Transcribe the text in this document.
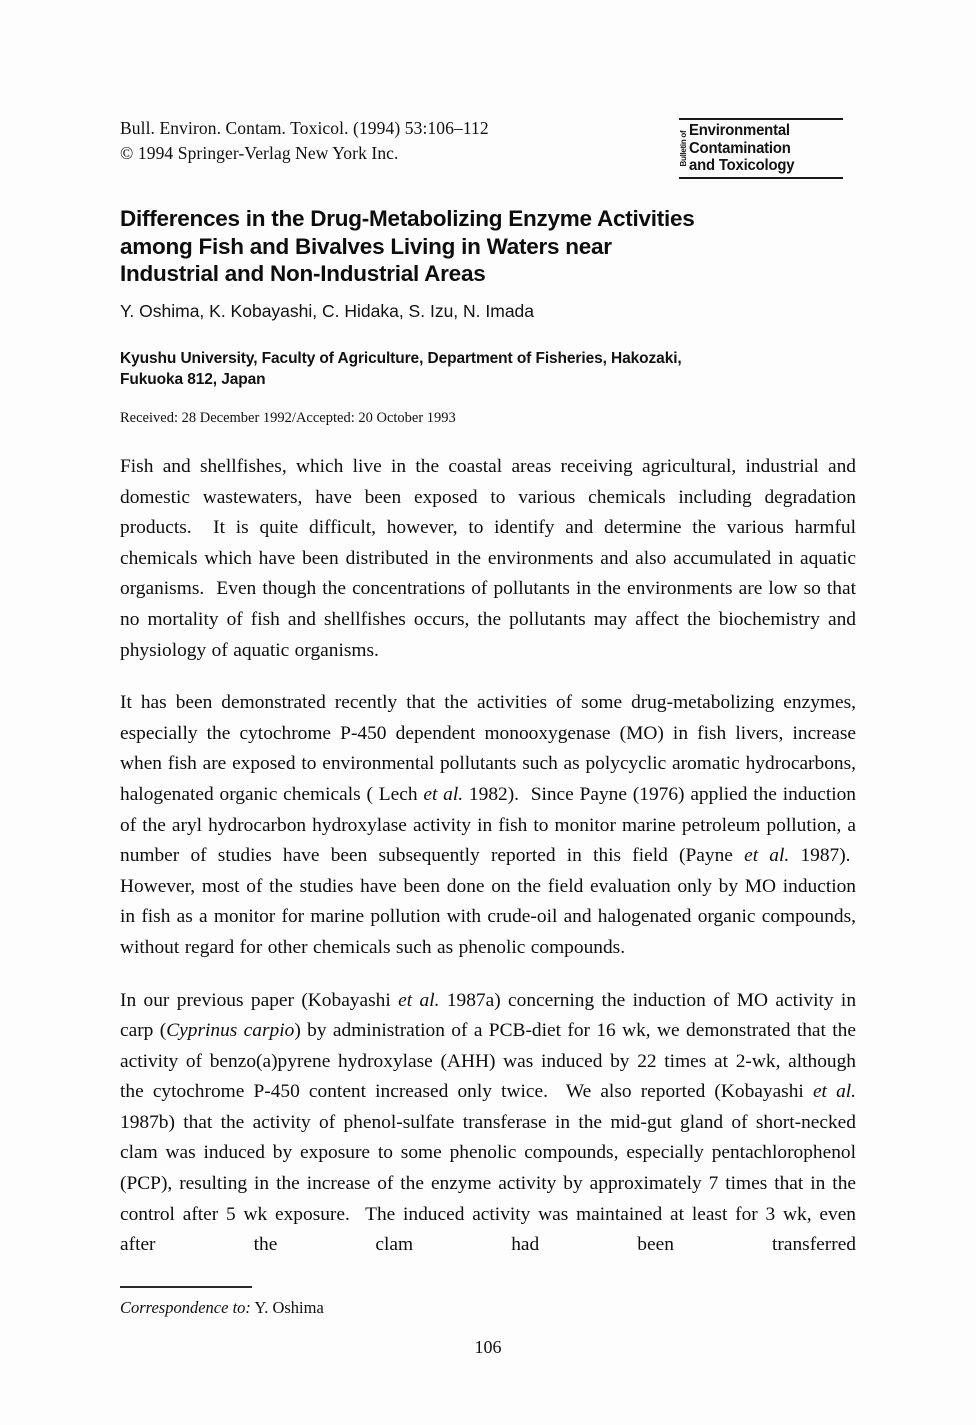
Bull. Environ. Contam. Toxicol. (1994) 53:106–112
© 1994 Springer-Verlag New York Inc.	Bulletin of Environmental
Contamination
and Toxicology
Differences in the Drug-Metabolizing Enzyme Activities
among Fish and Bivalves Living in Waters near
Industrial and Non-Industrial Areas
Y. Oshima, K. Kobayashi, C. Hidaka, S. Izu, N. Imada
Kyushu University, Faculty of Agriculture, Department of Fisheries, Hakozaki,
Fukuoka 812, Japan
Received: 28 December 1992/Accepted: 20 October 1993

Fish and shellfishes, which live in the coastal areas receiving agricultural, industrial and domestic wastewaters, have been exposed to various chemicals including degradation products. It is quite difficult, however, to identify and determine the various harmful chemicals which have been distributed in the environments and also accumulated in aquatic organisms. Even though the concentrations of pollutants in the environments are low so that no mortality of fish and shellfishes occurs, the pollutants may affect the biochemistry and physiology of aquatic organisms.

It has been demonstrated recently that the activities of some drug-metabolizing enzymes, especially the cytochrome P-450 dependent monooxygenase (MO) in fish livers, increase when fish are exposed to environmental pollutants such as polycyclic aromatic hydrocarbons, halogenated organic chemicals ( Lech et al. 1982). Since Payne (1976) applied the induction of the aryl hydrocarbon hydroxylase activity in fish to monitor marine petroleum pollution, a number of studies have been subsequently reported in this field (Payne et al. 1987).  However, most of the studies have been done on the field evaluation only by MO induction in fish as a monitor for marine pollution with crude-oil and halogenated organic compounds, without regard for other chemicals such as phenolic compounds.

In our previous paper (Kobayashi et al. 1987a) concerning the induction of MO activity in carp (Cyprinus carpio) by administration of a PCB-diet for 16 wk, we demonstrated that the activity of benzo(a)pyrene hydroxylase (AHH) was induced by 22 times at 2-wk, although the cytochrome P-450 content increased only twice. We also reported (Kobayashi et al. 1987b) that the activity of phenol-sulfate transferase in the mid-gut gland of short-necked clam was induced by exposure to some phenolic compounds, especially pentachlorophenol (PCP), resulting in the increase of the enzyme activity by approximately 7 times that in the control after 5 wk exposure. The induced activity was maintained at least for 3 wk, even after the clam had been transferred

Correspondence to: Y. Oshima
106
